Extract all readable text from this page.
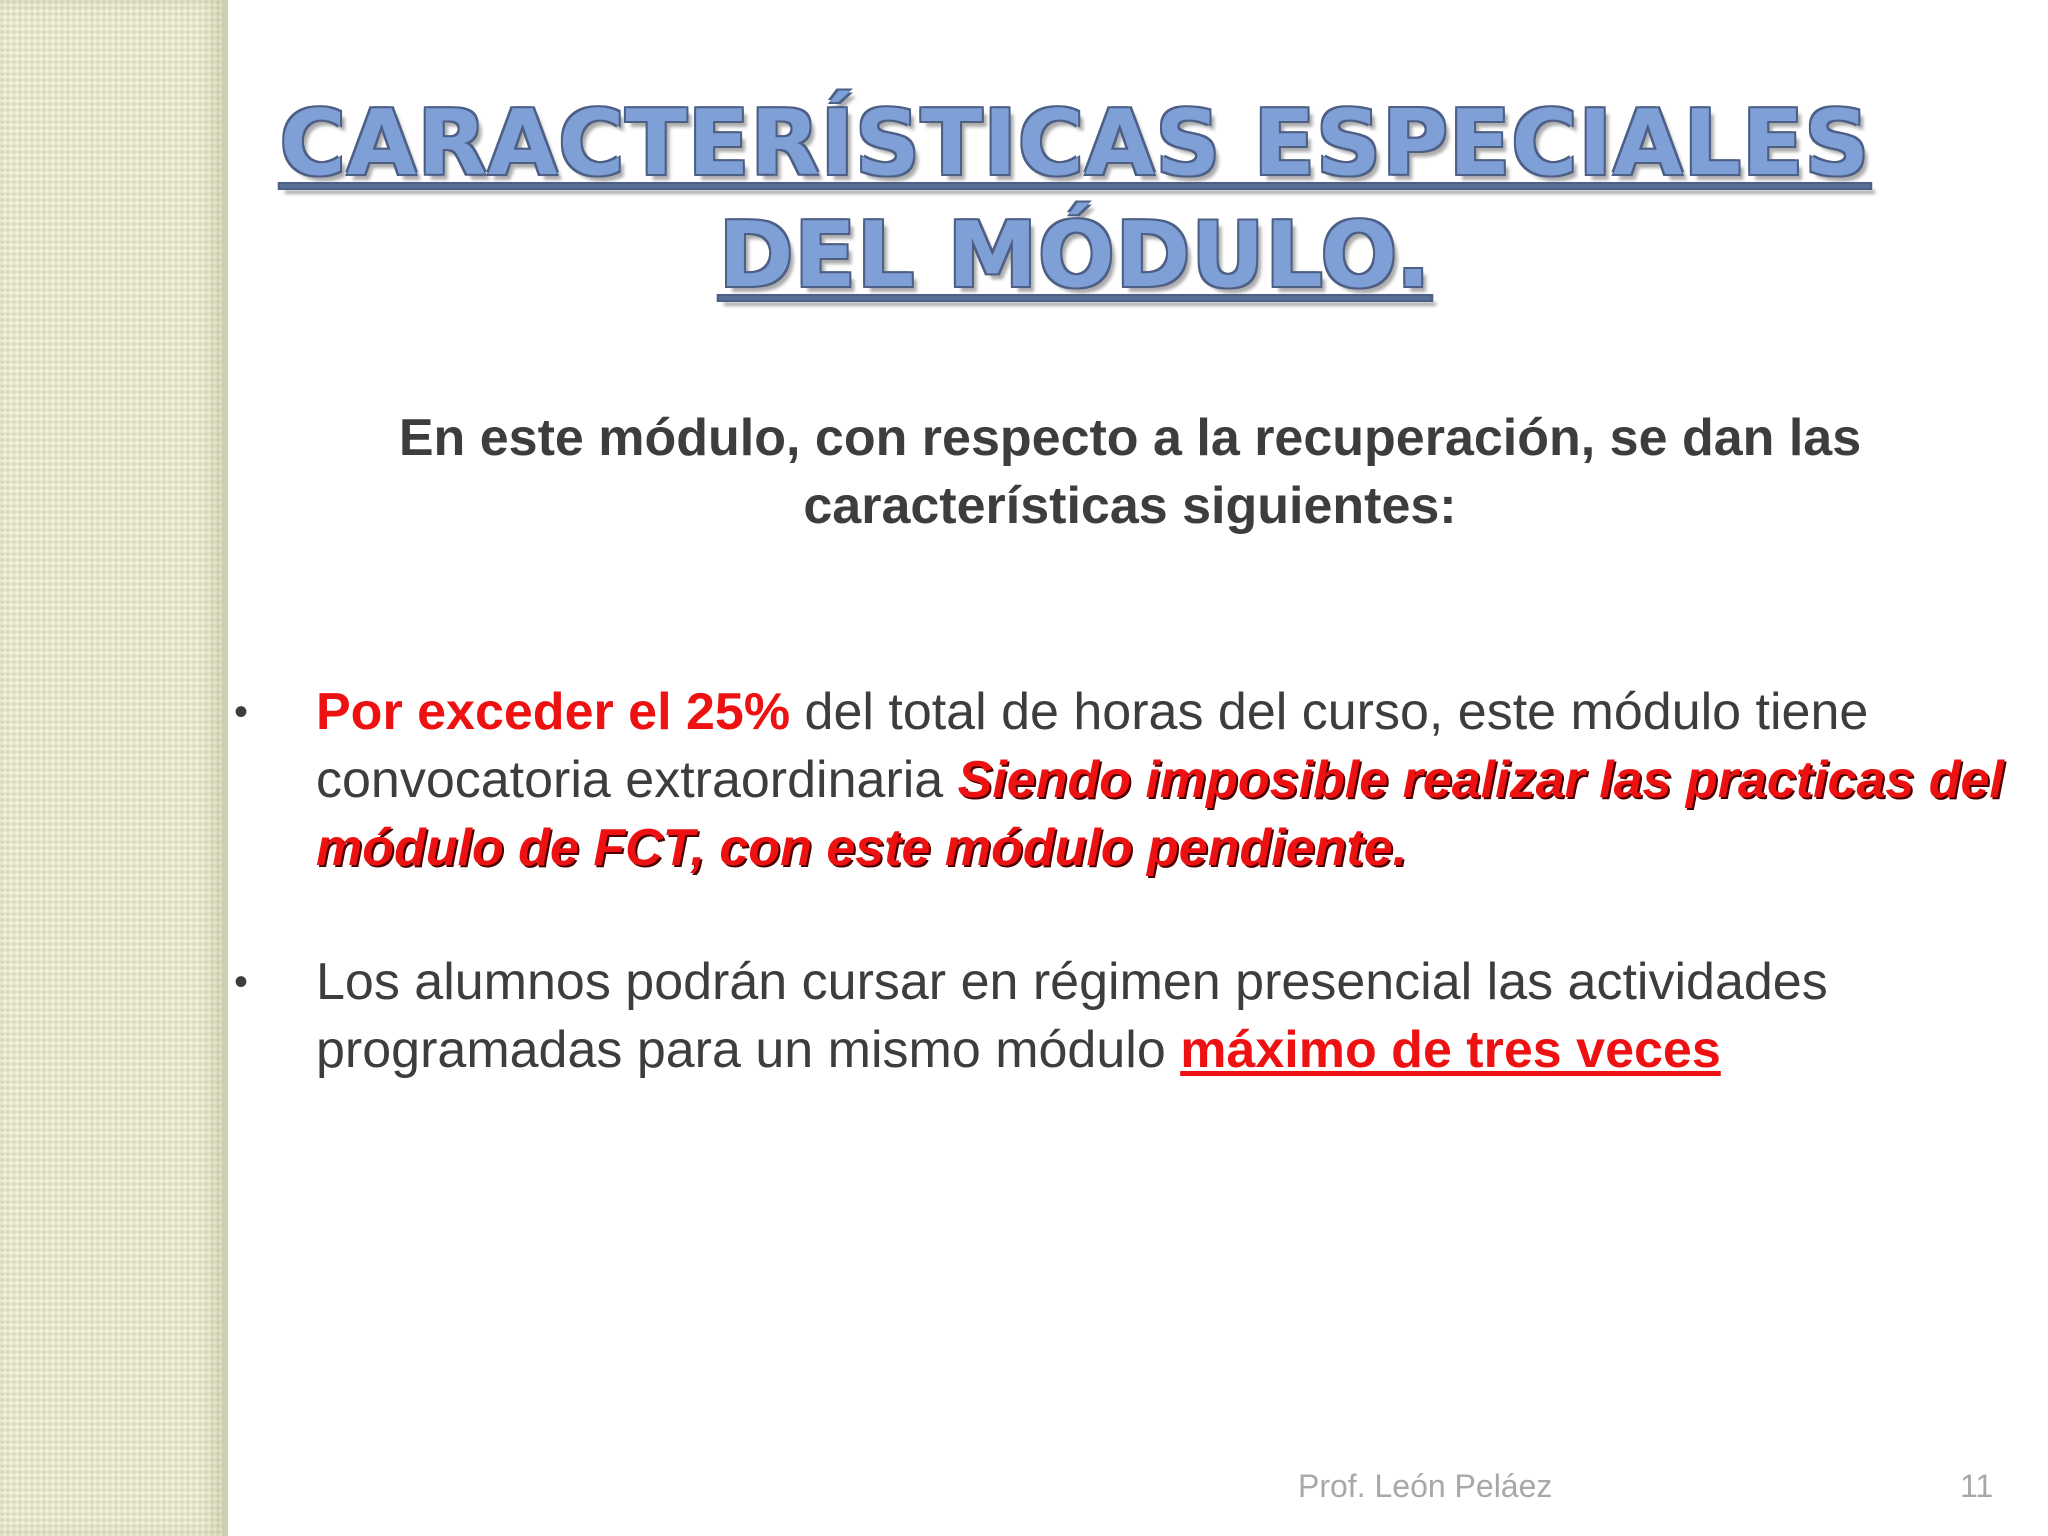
CARACTERÍSTICAS ESPECIALES DEL MÓDULO.
En este módulo, con respecto a la recuperación, se dan las características siguientes:
• Por exceder el 25% del total de horas del curso, este módulo tiene convocatoria extraordinaria Siendo imposible realizar las practicas del módulo de FCT, con este módulo pendiente.
• Los alumnos podrán cursar en régimen presencial las actividades programadas para un mismo módulo máximo de tres veces
Prof. León Peláez	11
